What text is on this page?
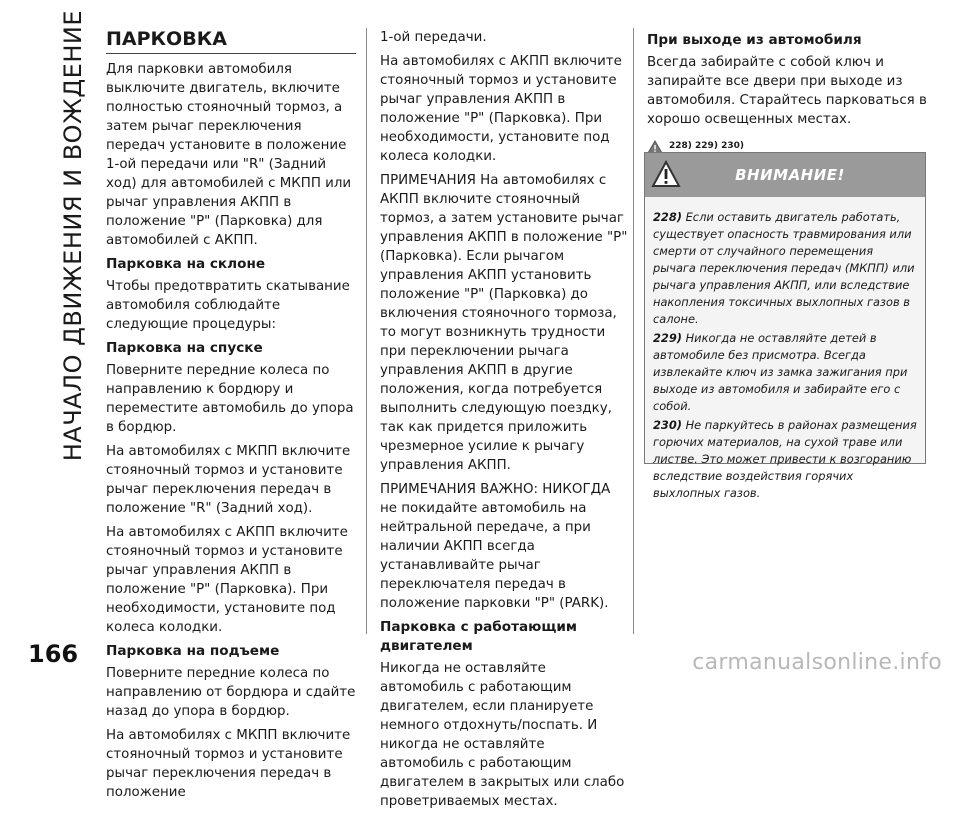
НАЧАЛО ДВИЖЕНИЯ И ВОЖДЕНИЕ
166
ПАРКОВКА

Для парковки автомобиля выключите двигатель, включите полностью стояночный тормоз, а затем рычаг переключения передач установите в положение 1-ой передачи или "R" (Задний ход) для автомобилей с МКПП или рычаг управления АКПП в положение "P" (Парковка) для автомобилей с АКПП.

Парковка на склоне

Чтобы предотвратить скатывание автомобиля соблюдайте следующие процедуры:

Парковка на спуске

Поверните передние колеса по направлению к бордюру и переместите автомобиль до упора в бордюр.

На автомобилях с МКПП включите стояночный тормоз и установите рычаг переключения передач в положение "R" (Задний ход).

На автомобилях с АКПП включите стояночный тормоз и установите рычаг управления АКПП в положение "P" (Парковка). При необходимости, установите под колеса колодки.

Парковка на подъеме

Поверните передние колеса по направлению от бордюра и сдайте назад до упора в бордюр.

На автомобилях с МКПП включите стояночный тормоз и установите рычаг переключения передач в положение

1-ой передачи.

На автомобилях с АКПП включите стояночный тормоз и установите рычаг управления АКПП в положение "P" (Парковка). При необходимости, установите под колеса колодки.

ПРИМЕЧАНИЯ На автомобилях с АКПП включите стояночный тормоз, а затем установите рычаг управления АКПП в положение "P" (Парковка). Если рычагом управления АКПП установить положение "P" (Парковка) до включения стояночного тормоза, то могут возникнуть трудности при переключении рычага управления АКПП в другие положения, когда потребуется выполнить следующую поездку, так как придется приложить чрезмерное усилие к рычагу управления АКПП.

ПРИМЕЧАНИЯ ВАЖНО: НИКОГДА не покидайте автомобиль на нейтральной передаче, а при наличии АКПП всегда устанавливайте рычаг переключателя передач в положение парковки "P" (PARK).

Парковка с работающим двигателем

Никогда не оставляйте автомобиль с работающим двигателем, если планируете немного отдохнуть/поспать. И никогда не оставляйте автомобиль с работающим двигателем в закрытых или слабо проветриваемых местах.

При выходе из автомобиля

Всегда забирайте с собой ключ и запирайте все двери при выходе из автомобиля. Старайтесь парковаться в хорошо освещенных местах.

228) 229) 230)
ВНИМАНИЕ!

228) Если оставить двигатель работать, существует опасность травмирования или смерти от случайного перемещения рычага переключения передач (МКПП) или рычага управления АКПП, или вследствие накопления токсичных выхлопных газов в салоне.

229) Никогда не оставляйте детей в автомобиле без присмотра. Всегда извлекайте ключ из замка зажигания при выходе из автомобиля и забирайте его с собой.

230) Не паркуйтесь в районах размещения горючих материалов, на сухой траве или листве. Это может привести к возгоранию вследствие воздействия горячих выхлопных газов.

carmanualsonline.info
